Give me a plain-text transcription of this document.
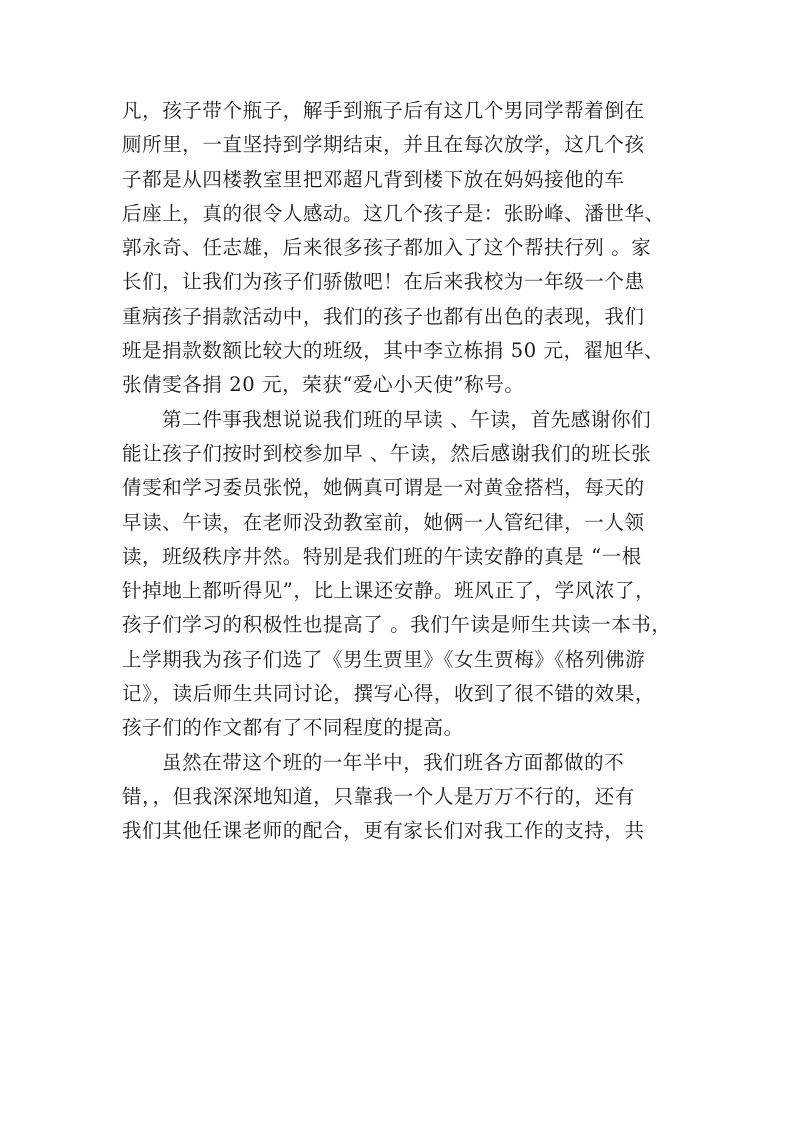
凡，孩子带个瓶子，解手到瓶子后有这几个男同学帮着倒在
厕所里，一直坚持到学期结束，并且在每次放学，这几个孩
子都是从四楼教室里把邓超凡背到楼下放在妈妈接他的车
后座上，真的很令人感动。这几个孩子是：张盼峰、潘世华、
郭永奇、任志雄，后来很多孩子都加入了这个帮扶行列 。家
长们，让我们为孩子们骄傲吧！在后来我校为一年级一个患
重病孩子捐款活动中，我们的孩子也都有出色的表现，我们
班是捐款数额比较大的班级，其中李立栋捐 50 元，翟旭华、
张倩雯各捐 20 元，荣获“爱心小天使”称号。
第二件事我想说说我们班的早读 、午读，首先感谢你们
能让孩子们按时到校参加早 、午读，然后感谢我们的班长张
倩雯和学习委员张悦，她俩真可谓是一对黄金搭档，每天的
早读、午读，在老师没劲教室前，她俩一人管纪律，一人领
读，班级秩序井然。特别是我们班的午读安静的真是 “一根
针掉地上都听得见”，比上课还安静。班风正了，学风浓了，
孩子们学习的积极性也提高了 。我们午读是师生共读一本书，
上学期我为孩子们选了《男生贾里》《女生贾梅》《格列佛游
记》，读后师生共同讨论，撰写心得，收到了很不错的效果，
孩子们的作文都有了不同程度的提高。
虽然在带这个班的一年半中，我们班各方面都做的不
错，，但我深深地知道，只靠我一个人是万万不行的，还有
我们其他任课老师的配合，更有家长们对我工作的支持，共
